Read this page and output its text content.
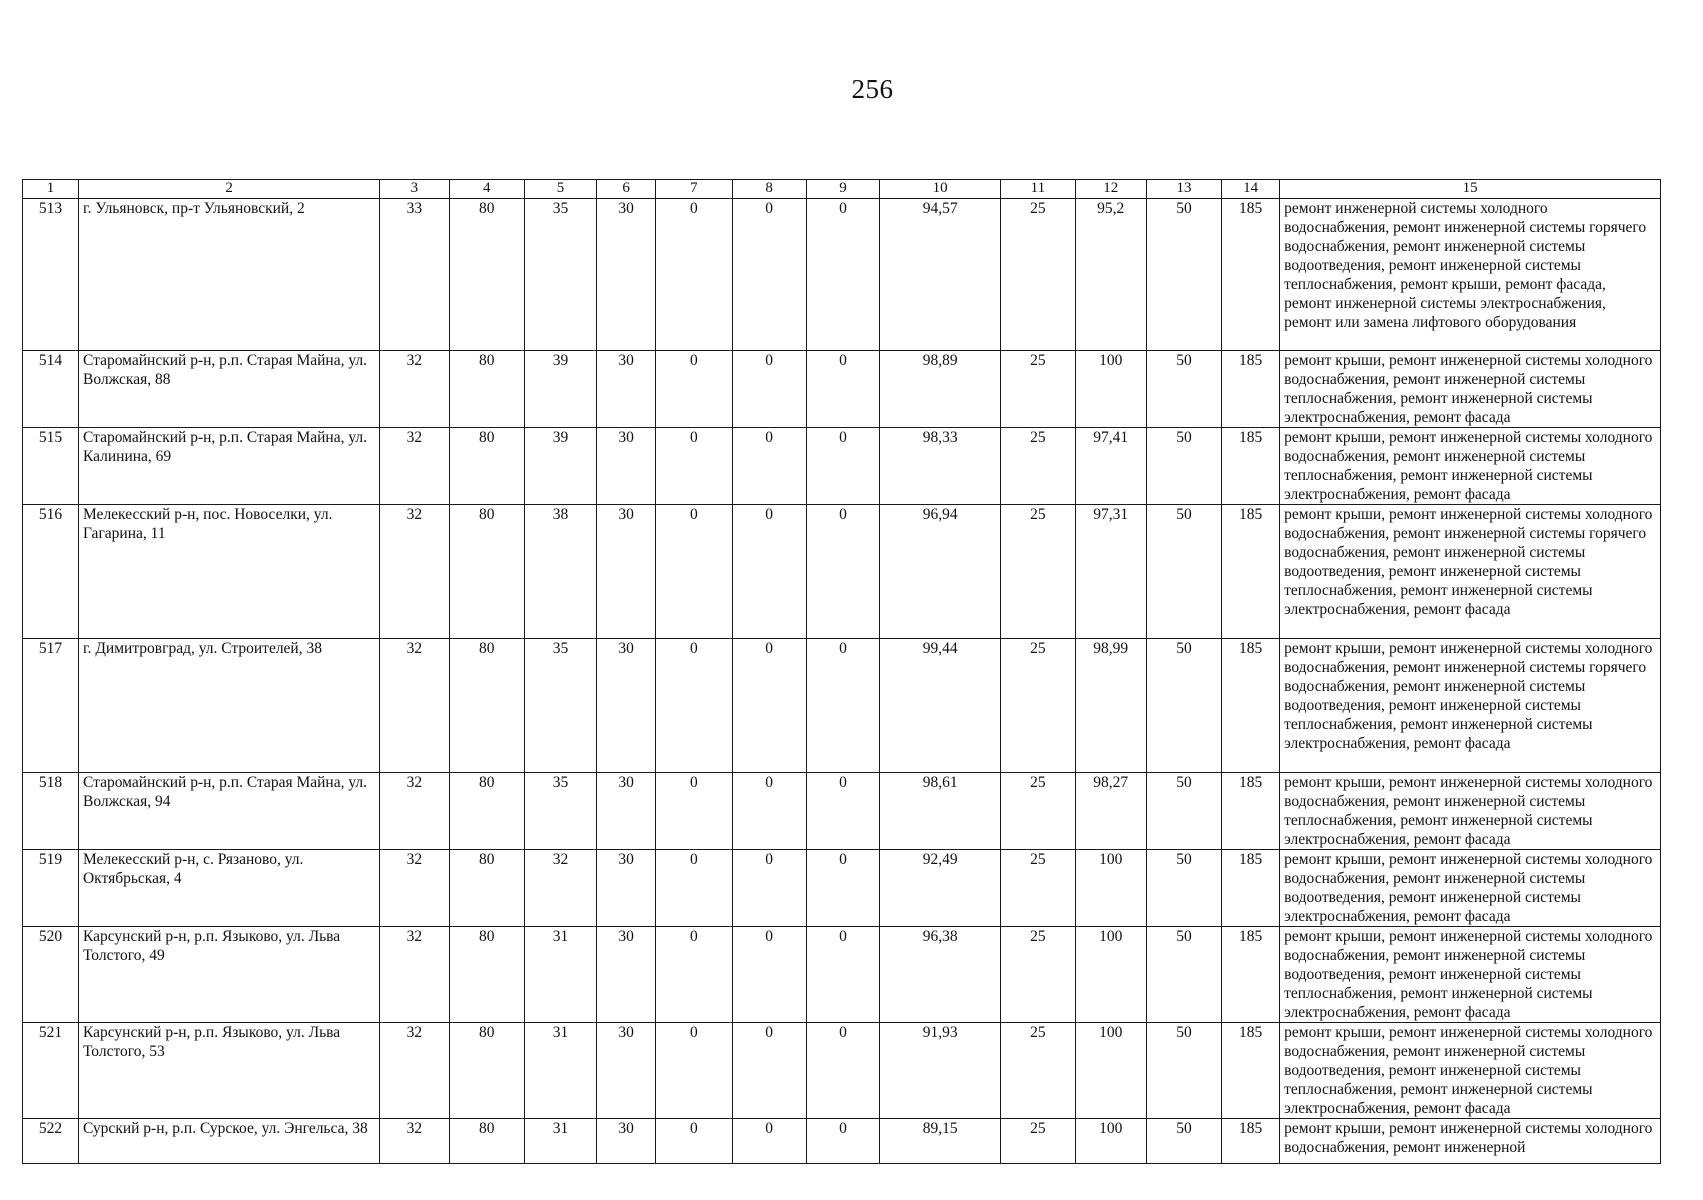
256
1	2	3	4	5	6	7	8	9	10	11	12	13	14	15
513	г. Ульяновск, пр-т Ульяновский, 2	33	80	35	30	0	0	0	94,57	25	95,2	50	185	ремонт инженерной системы холодного водоснабжения, ремонт инженерной системы горячего водоснабжения, ремонт инженерной системы водоотведения, ремонт инженерной системы теплоснабжения, ремонт крыши, ремонт фасада, ремонт инженерной системы электроснабжения, ремонт или замена лифтового оборудования
514	Старомайнский р-н, р.п. Старая Майна, ул. Волжская, 88	32	80	39	30	0	0	0	98,89	25	100	50	185	ремонт крыши, ремонт инженерной системы холодного водоснабжения, ремонт инженерной системы теплоснабжения, ремонт инженерной системы электроснабжения, ремонт фасада
515	Старомайнский р-н, р.п. Старая Майна, ул. Калинина, 69	32	80	39	30	0	0	0	98,33	25	97,41	50	185	ремонт крыши, ремонт инженерной системы холодного водоснабжения, ремонт инженерной системы теплоснабжения, ремонт инженерной системы электроснабжения, ремонт фасада
516	Мелекесский р-н, пос. Новоселки, ул. Гагарина, 11	32	80	38	30	0	0	0	96,94	25	97,31	50	185	ремонт крыши, ремонт инженерной системы холодного водоснабжения, ремонт инженерной системы горячего водоснабжения, ремонт инженерной системы водоотведения, ремонт инженерной системы теплоснабжения, ремонт инженерной системы электроснабжения, ремонт фасада
517	г. Димитровград, ул. Строителей, 38	32	80	35	30	0	0	0	99,44	25	98,99	50	185	ремонт крыши, ремонт инженерной системы холодного водоснабжения, ремонт инженерной системы горячего водоснабжения, ремонт инженерной системы водоотведения, ремонт инженерной системы теплоснабжения, ремонт инженерной системы электроснабжения, ремонт фасада
518	Старомайнский р-н, р.п. Старая Майна, ул. Волжская, 94	32	80	35	30	0	0	0	98,61	25	98,27	50	185	ремонт крыши, ремонт инженерной системы холодного водоснабжения, ремонт инженерной системы теплоснабжения, ремонт инженерной системы электроснабжения, ремонт фасада
519	Мелекесский р-н, с. Рязаново, ул. Октябрьская, 4	32	80	32	30	0	0	0	92,49	25	100	50	185	ремонт крыши, ремонт инженерной системы холодного водоснабжения, ремонт инженерной системы водоотведения, ремонт инженерной системы электроснабжения, ремонт фасада
520	Карсунский р-н, р.п. Языково, ул. Льва Толстого, 49	32	80	31	30	0	0	0	96,38	25	100	50	185	ремонт крыши, ремонт инженерной системы холодного водоснабжения, ремонт инженерной системы водоотведения, ремонт инженерной системы теплоснабжения, ремонт инженерной системы электроснабжения, ремонт фасада
521	Карсунский р-н, р.п. Языково, ул. Льва Толстого, 53	32	80	31	30	0	0	0	91,93	25	100	50	185	ремонт крыши, ремонт инженерной системы холодного водоснабжения, ремонт инженерной системы водоотведения, ремонт инженерной системы теплоснабжения, ремонт инженерной системы электроснабжения, ремонт фасада
522	Сурский р-н, р.п. Сурское, ул. Энгельса, 38	32	80	31	30	0	0	0	89,15	25	100	50	185	ремонт крыши, ремонт инженерной системы холодного водоснабжения, ремонт инженерной
